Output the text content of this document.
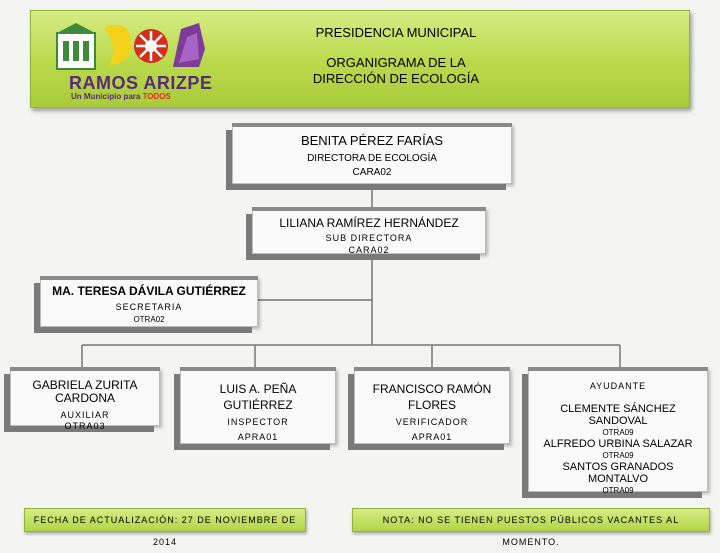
RAMOS ARIZPE
Un Municipio para TODOS
PRESIDENCIA MUNICIPAL
ORGANIGRAMA DE LA
DIRECCIÓN DE ECOLOGÍA
BENITA PÉREZ FARÍAS
DIRECTORA DE ECOLOGÍA
CARA02
LILIANA RAMÍREZ HERNÁNDEZ
SUB DIRECTORA
CARA02
MA. TERESA DÁVILA GUTIÉRREZ
SECRETARIA
OTRA02
GABRIELA ZURITA
CARDONA
AUXILIAR
OTRA03
LUIS A. PEÑA
GUTIÉRREZ
INSPECTOR
APRA01
FRANCISCO RAMÓN
FLORES
VERIFICADOR
APRA01
AYUDANTE
CLEMENTE SÁNCHEZ
SANDOVAL
OTRA09
ALFREDO URBINA SALAZAR
OTRA09
SANTOS GRANADOS
MONTALVO
OTRA09
FECHA DE ACTUALIZACIÓN: 27 DE NOVIEMBRE DE 2014
NOTA: NO SE TIENEN PUESTOS PÚBLICOS VACANTES AL MOMENTO.
